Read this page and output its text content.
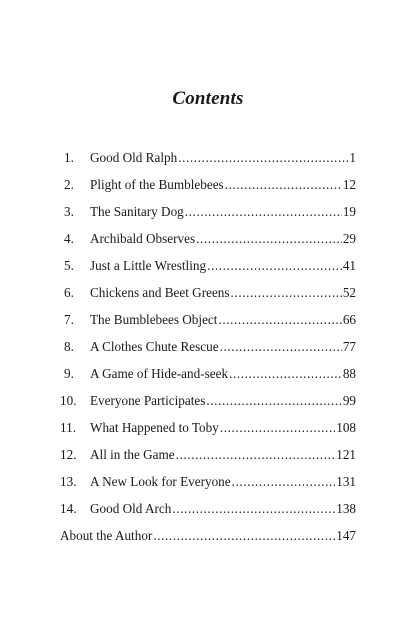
Contents
1.	Good Old Ralph .....	1
2.	Plight of the Bumblebees .....	12
3.	The Sanitary Dog .....	19
4.	Archibald Observes .....	29
5.	Just a Little Wrestling .....	41
6.	Chickens and Beet Greens .....	52
7.	The Bumblebees Object .....	66
8.	A Clothes Chute Rescue .....	77
9.	A Game of Hide-and-seek .....	88
10.	Everyone Participates .....	99
11.	What Happened to Toby .....	108
12.	All in the Game .....	121
13.	A New Look for Everyone .....	131
14.	Good Old Arch .....	138
About the Author .....	147
